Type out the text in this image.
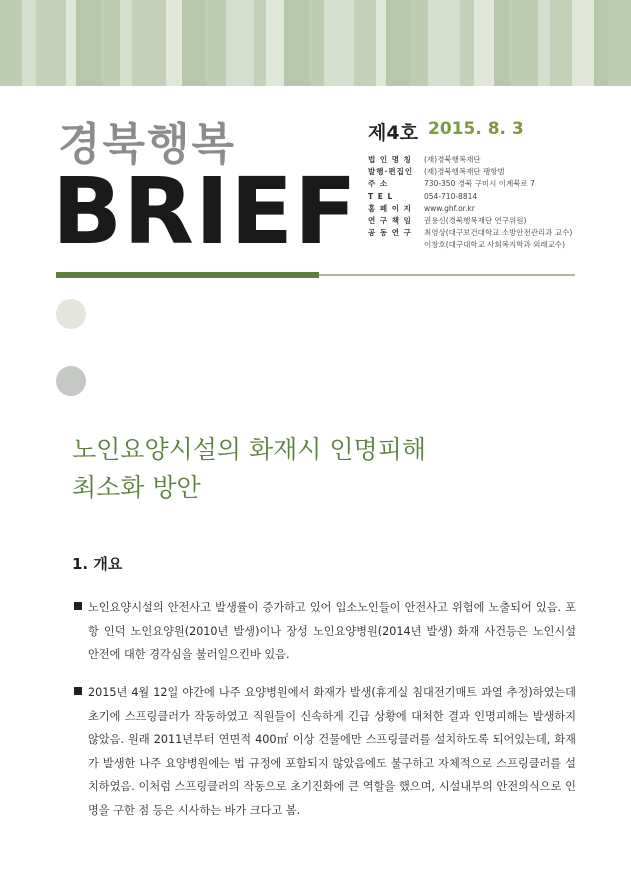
경북행복
BRIEF
제4호 2015. 8. 3
법 인 명 칭	(재)경북행복재단
발행·편집인	(재)경북행복재단 팽항범
주 소	730-350 경북 구미시 이계북로 7
T E L	054-710-8814
홈 페 이 지	www.ghf.or.kr
연 구 책 임	권용신(경북행복재단 연구위원)
공 동 연 구	최영상(대구보건대학교 소방안전관리과 교수)
이창호(대구대학교 사회복지학과 외래교수)
노인요양시설의 화재시 인명피해
최소화 방안
1. 개요
노인요양시설의 안전사고 발생률이 증가하고 있어 입소노인들이 안전사고 위험에 노출되어 있음. 포항 인덕 노인요양원(2010년 발생)이나 장성 노인요양병원(2014년 발생) 화재 사건등은 노인시설 안전에 대한 경각심을 불러일으킨바 있음.
2015년 4월 12일 야간에 나주 요양병원에서 화재가 발생(휴게실 침대전기매트 과열 추정)하였는데 초기에 스프링클러가 작동하였고 직원들이 신속하게 긴급 상황에 대처한 결과 인명피해는 발생하지 않았음. 원래 2011년부터 연면적 400㎡ 이상 건물에만 스프링클러를 설치하도록 되어있는데, 화재가 발생한 나주 요양병원에는 법 규정에 포함되지 않았음에도 불구하고 자체적으로 스프링클러를 설치하였음. 이처럼 스프링클러의 작동으로 초기진화에 큰 역할을 했으며, 시설내부의 안전의식으로 인명을 구한 점 등은 시사하는 바가 크다고 봄.
